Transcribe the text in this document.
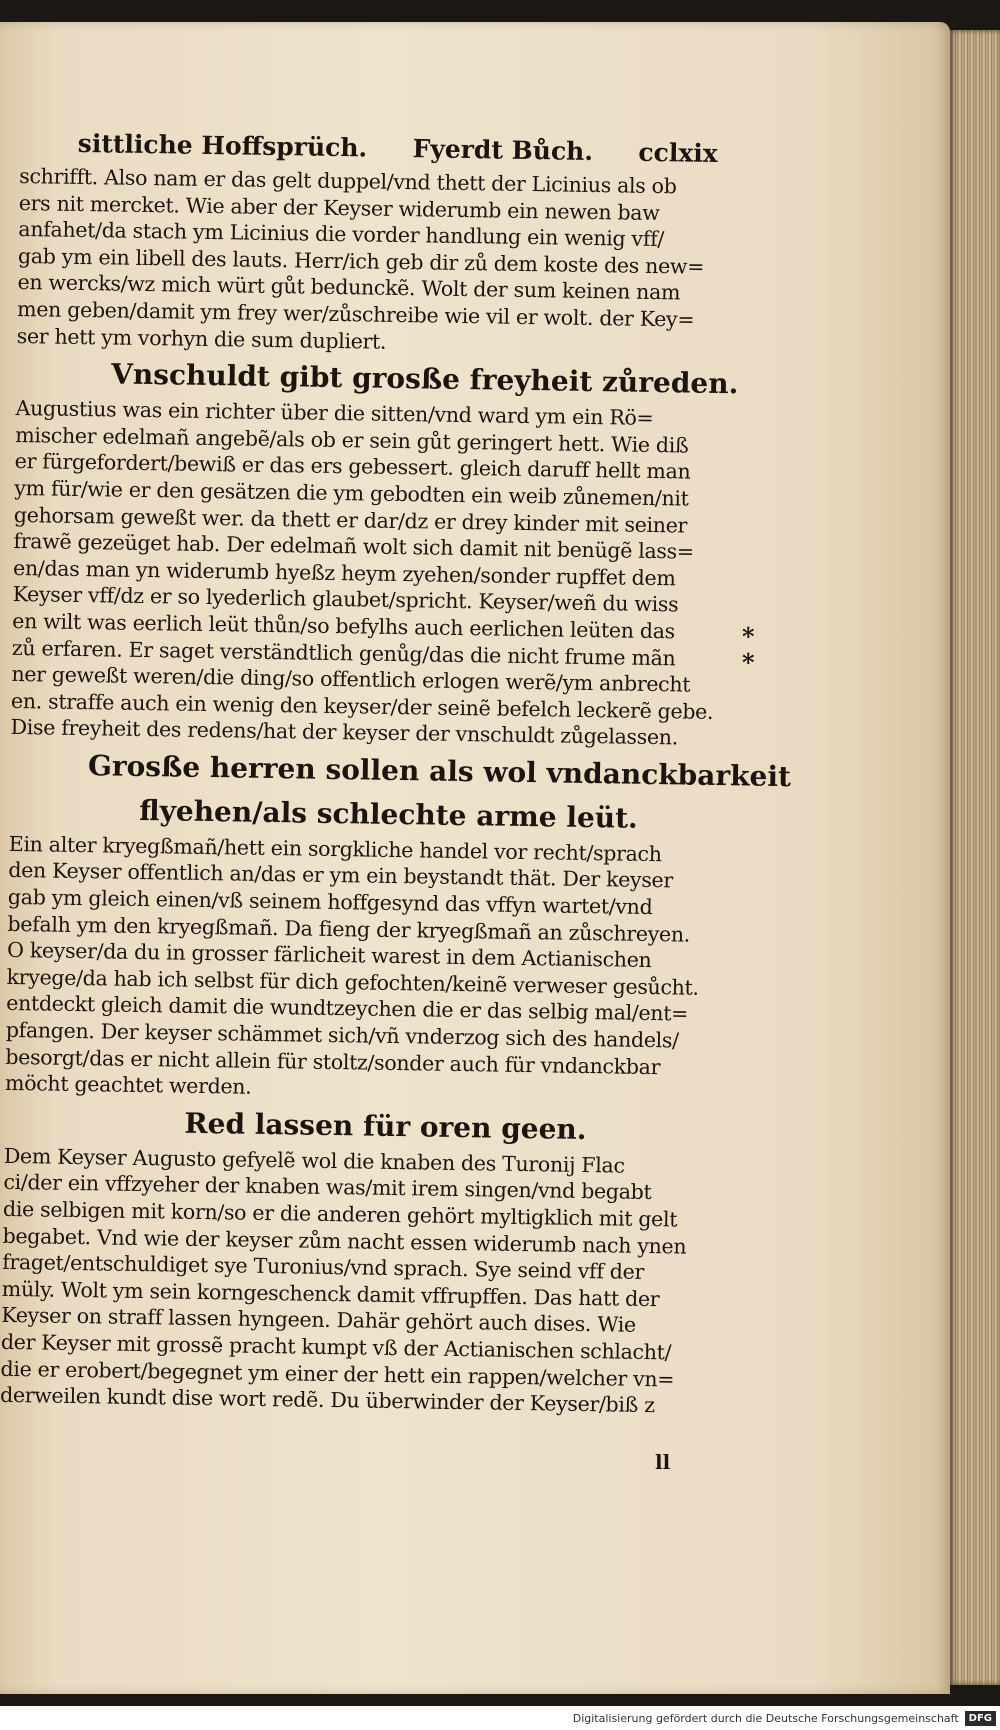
sittliche Hoffsprüch. Fyerdt Bůch. cclxix
schrifft. Also nam er das gelt duppel/vnd thett der Licinius als ob
ers nit mercket. Wie aber der Keyser widerumb ein newen baw
anfahet/da stach ym Licinius die vorder handlung ein wenig vff/
gab ym ein libell des lauts. Herr/ich geb dir zů dem koste des new=
en wercks/wz mich würt gůt bedunckẽ. Wolt der sum keinen nam
men geben/damit ym frey wer/zůschreibe wie vil er wolt. der Key=
ser hett ym vorhyn die sum dupliert.
Vnschuldt gibt grosße freyheit zůreden.
Augustius was ein richter über die sitten/vnd ward ym ein Rö=
mischer edelmañ angebẽ/als ob er sein gůt geringert hett. Wie diß
er fürgefordert/bewiß er das ers gebessert. gleich daruff hellt man
ym für/wie er den gesätzen die ym gebodten ein weib zůnemen/nit
gehorsam geweßt wer. da thett er dar/dz er drey kinder mit seiner
frawẽ gezeüget hab. Der edelmañ wolt sich damit nit benügẽ lass=
en/das man yn widerumb hyeßz heym zyehen/sonder rupffet dem
Keyser vff/dz er so lyederlich glaubet/spricht. Keyser/weñ du wiss
en wilt was eerlich leüt thůn/so befylhs auch eerlichen leüten das
zů erfaren. Er saget verständtlich genůg/das die nicht frume mãn
ner geweßt weren/die ding/so offentlich erlogen werẽ/ym anbrecht
en. straffe auch ein wenig den keyser/der seinẽ befelch leckerẽ gebe.
Dise freyheit des redens/hat der keyser der vnschuldt zůgelassen.
Grosße herren sollen als wol vndanckbarkeit
flyehen/als schlechte arme leüt.
Ein alter kryegßmañ/hett ein sorgkliche handel vor recht/sprach
den Keyser offentlich an/das er ym ein beystandt thät. Der keyser
gab ym gleich einen/vß seinem hoffgesynd das vffyn wartet/vnd
befalh ym den kryegßmañ. Da fieng der kryegßmañ an zůschreyen.
O keyser/da du in grosser färlicheit warest in dem Actianischen
kryege/da hab ich selbst für dich gefochten/keinẽ verweser gesůcht.
entdeckt gleich damit die wundtzeychen die er das selbig mal/ent=
pfangen. Der keyser schämmet sich/vñ vnderzog sich des handels/
besorgt/das er nicht allein für stoltz/sonder auch für vndanckbar
möcht geachtet werden.
Red lassen für oren geen.
Dem Keyser Augusto gefyelẽ wol die knaben des Turonij Flac
ci/der ein vffzyeher der knaben was/mit irem singen/vnd begabt
die selbigen mit korn/so er die anderen gehört myltigklich mit gelt
begabet. Vnd wie der keyser zům nacht essen widerumb nach ynen
fraget/entschuldiget sye Turonius/vnd sprach. Sye seind vff der
müly. Wolt ym sein korngeschenck damit vffrupffen. Das hatt der
Keyser on straff lassen hyngeen. Dahär gehört auch dises. Wie
der Keyser mit grossẽ pracht kumpt vß der Actianischen schlacht/
die er erobert/begegnet ym einer der hett ein rappen/welcher vn=
derweilen kundt dise wort redẽ. Du überwinder der Keyser/biß z
*
*
ll
Digitalisierung gefördert durch die Deutsche Forschungsgemeinschaft	DFG
